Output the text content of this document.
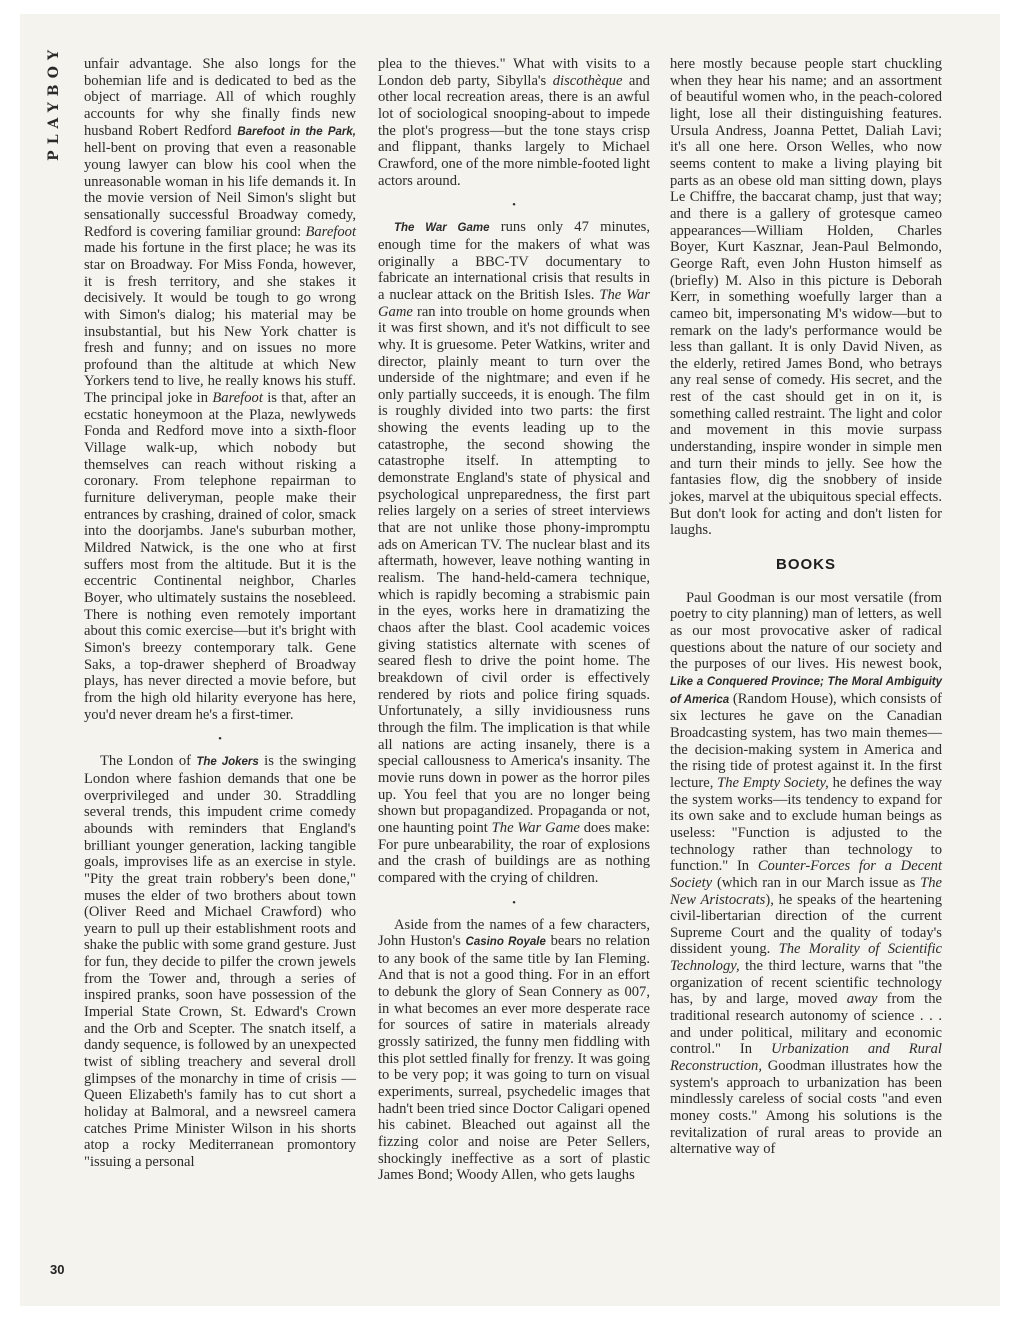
PLAYBOY
30

unfair advantage. She also longs for the bohemian life and is dedicated to bed as the object of marriage. All of which roughly accounts for why she finally finds new husband Robert Redford Barefoot in the Park, hell-bent on proving that even a reasonable young lawyer can blow his cool when the unreasonable woman in his life demands it. In the movie version of Neil Simon's slight but sensationally successful Broadway comedy, Redford is covering familiar ground: Barefoot made his fortune in the first place; he was its star on Broadway. For Miss Fonda, however, it is fresh territory, and she stakes it decisively. It would be tough to go wrong with Simon's dialog; his material may be insubstantial, but his New York chatter is fresh and funny; and on issues no more profound than the altitude at which New Yorkers tend to live, he really knows his stuff. The principal joke in Barefoot is that, after an ecstatic honeymoon at the Plaza, newlyweds Fonda and Redford move into a sixth-floor Village walk-up, which nobody but themselves can reach without risking a coronary. From telephone repairman to furniture deliveryman, people make their entrances by crashing, drained of color, smack into the doorjambs. Jane's suburban mother, Mildred Natwick, is the one who at first suffers most from the altitude. But it is the eccentric Continental neighbor, Charles Boyer, who ultimately sustains the nosebleed. There is nothing even remotely important about this comic exercise—but it's bright with Simon's breezy contemporary talk. Gene Saks, a top-drawer shepherd of Broadway plays, has never directed a movie before, but from the high old hilarity everyone has here, you'd never dream he's a first-timer.

•

The London of The Jokers is the swinging London where fashion demands that one be overprivileged and under 30. Straddling several trends, this impudent crime comedy abounds with reminders that England's brilliant younger generation, lacking tangible goals, improvises life as an exercise in style. "Pity the great train robbery's been done," muses the elder of two brothers about town (Oliver Reed and Michael Crawford) who yearn to pull up their establishment roots and shake the public with some grand gesture. Just for fun, they decide to pilfer the crown jewels from the Tower and, through a series of inspired pranks, soon have possession of the Imperial State Crown, St. Edward's Crown and the Orb and Scepter. The snatch itself, a dandy sequence, is followed by an unexpected twist of sibling treachery and several droll glimpses of the monarchy in time of crisis —Queen Elizabeth's family has to cut short a holiday at Balmoral, and a newsreel camera catches Prime Minister Wilson in his shorts atop a rocky Mediterranean promontory "issuing a personal

plea to the thieves." What with visits to a London deb party, Sibylla's discothèque and other local recreation areas, there is an awful lot of sociological snooping-about to impede the plot's progress—but the tone stays crisp and flippant, thanks largely to Michael Crawford, one of the more nimble-footed light actors around.

•

The War Game runs only 47 minutes, enough time for the makers of what was originally a BBC-TV documentary to fabricate an international crisis that results in a nuclear attack on the British Isles. The War Game ran into trouble on home grounds when it was first shown, and it's not difficult to see why. It is gruesome. Peter Watkins, writer and director, plainly meant to turn over the underside of the nightmare; and even if he only partially succeeds, it is enough. The film is roughly divided into two parts: the first showing the events leading up to the catastrophe, the second showing the catastrophe itself. In attempting to demonstrate England's state of physical and psychological unpreparedness, the first part relies largely on a series of street interviews that are not unlike those phony-impromptu ads on American TV. The nuclear blast and its aftermath, however, leave nothing wanting in realism. The hand-held-camera technique, which is rapidly becoming a strabismic pain in the eyes, works here in dramatizing the chaos after the blast. Cool academic voices giving statistics alternate with scenes of seared flesh to drive the point home. The breakdown of civil order is effectively rendered by riots and police firing squads. Unfortunately, a silly invidiousness runs through the film. The implication is that while all nations are acting insanely, there is a special callousness to America's insanity. The movie runs down in power as the horror piles up. You feel that you are no longer being shown but propagandized. Propaganda or not, one haunting point The War Game does make: For pure unbearability, the roar of explosions and the crash of buildings are as nothing compared with the crying of children.

•

Aside from the names of a few characters, John Huston's Casino Royale bears no relation to any book of the same title by Ian Fleming. And that is not a good thing. For in an effort to debunk the glory of Sean Connery as 007, in what becomes an ever more desperate race for sources of satire in materials already grossly satirized, the funny men fiddling with this plot settled finally for frenzy. It was going to be very pop; it was going to turn on visual experiments, surreal, psychedelic images that hadn't been tried since Doctor Caligari opened his cabinet. Bleached out against all the fizzing color and noise are Peter Sellers, shockingly ineffective as a sort of plastic James Bond; Woody Allen, who gets laughs

here mostly because people start chuckling when they hear his name; and an assortment of beautiful women who, in the peach-colored light, lose all their distinguishing features. Ursula Andress, Joanna Pettet, Daliah Lavi; it's all one here. Orson Welles, who now seems content to make a living playing bit parts as an obese old man sitting down, plays Le Chiffre, the baccarat champ, just that way; and there is a gallery of grotesque cameo appearances—William Holden, Charles Boyer, Kurt Kasznar, Jean-Paul Belmondo, George Raft, even John Huston himself as (briefly) M. Also in this picture is Deborah Kerr, in something woefully larger than a cameo bit, impersonating M's widow—but to remark on the lady's performance would be less than gallant. It is only David Niven, as the elderly, retired James Bond, who betrays any real sense of comedy. His secret, and the rest of the cast should get in on it, is something called restraint. The light and color and movement in this movie surpass understanding, inspire wonder in simple men and turn their minds to jelly. See how the fantasies flow, dig the snobbery of inside jokes, marvel at the ubiquitous special effects. But don't look for acting and don't listen for laughs.

BOOKS

Paul Goodman is our most versatile (from poetry to city planning) man of letters, as well as our most provocative asker of radical questions about the nature of our society and the purposes of our lives. His newest book, Like a Conquered Province; The Moral Ambiguity of America (Random House), which consists of six lectures he gave on the Canadian Broadcasting system, has two main themes—the decision-making system in America and the rising tide of protest against it. In the first lecture, The Empty Society, he defines the way the system works—its tendency to expand for its own sake and to exclude human beings as useless: "Function is adjusted to the technology rather than technology to function." In Counter-Forces for a Decent Society (which ran in our March issue as The New Aristocrats), he speaks of the heartening civil-libertarian direction of the current Supreme Court and the quality of today's dissident young. The Morality of Scientific Technology, the third lecture, warns that "the organization of recent scientific technology has, by and large, moved away from the traditional research autonomy of science . . . and under political, military and economic control." In Urbanization and Rural Reconstruction, Goodman illustrates how the system's approach to urbanization has been mindlessly careless of social costs "and even money costs." Among his solutions is the revitalization of rural areas to provide an alternative way of
